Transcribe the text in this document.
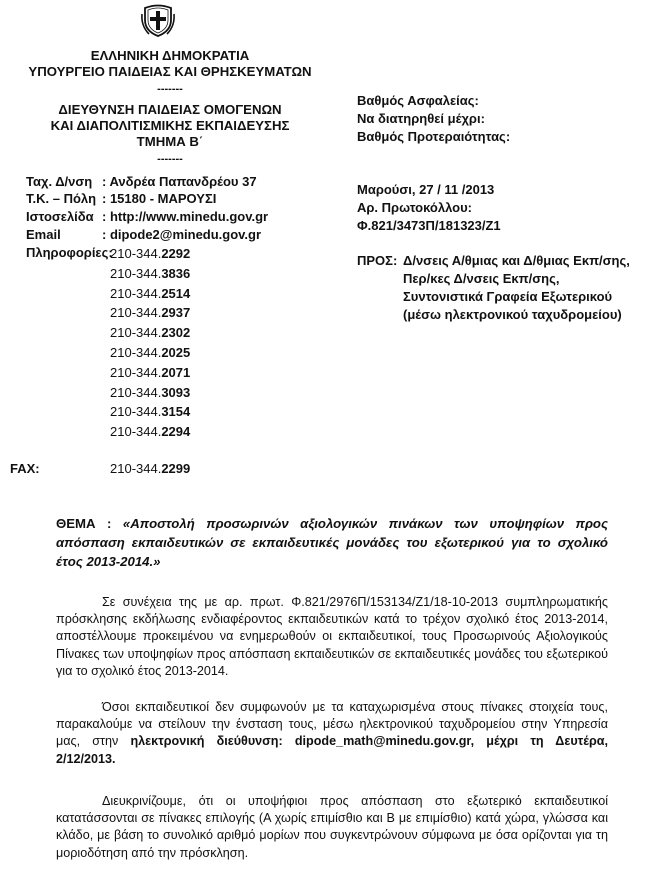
ΕΛΛΗΝΙΚΗ ΔΗΜΟΚΡΑΤΙΑ
ΥΠΟΥΡΓΕΙΟ ΠΑΙΔΕΙΑΣ ΚΑΙ ΘΡΗΣΚΕΥΜΑΤΩΝ
-------
ΔΙΕΥΘΥΝΣΗ ΠΑΙΔΕΙΑΣ ΟΜΟΓΕΝΩΝ
ΚΑΙ ΔΙΑΠΟΛΙΤΙΣΜΙΚΗΣ ΕΚΠΑΙΔΕΥΣΗΣ
ΤΜΗΜΑ Β΄
-------
Ταχ. Δ/νση : Ανδρέα Παπανδρέου 37
Τ.Κ. – Πόλη : 15180 - ΜΑΡΟΥΣΙ
Ιστοσελίδα : http://www.minedu.gov.gr
Email	: dipode2@minedu.gov.gr
Πληροφορίες:
210-344.2292
210-344.3836
210-344.2514
210-344.2937
210-344.2302
210-344.2025
210-344.2071
210-344.3093
210-344.3154
210-344.2294
FAX:	210-344.2299
Βαθμός Ασφαλείας:
Να διατηρηθεί μέχρι:
Βαθμός Προτεραιότητας:
Μαρούσι, 27 / 11 /2013
Αρ. Πρωτοκόλλου:
Φ.821/3473Π/181323/Ζ1
ΠΡΟΣ: Δ/νσεις Α/θμιας και Δ/θμιας Εκπ/σης,
Περ/κες Δ/νσεις Εκπ/σης,
Συντονιστικά Γραφεία Εξωτερικού
(μέσω ηλεκτρονικού ταχυδρομείου)
ΘΕΜΑ : «Αποστολή προσωρινών αξιολογικών πινάκων των υποψηφίων προς απόσπαση εκπαιδευτικών σε εκπαιδευτικές μονάδες του εξωτερικού για το σχολικό έτος 2013-2014.»
Σε συνέχεια της με αρ. πρωτ. Φ.821/2976Π/153134/Ζ1/18-10-2013 συμπληρωματικής πρόσκλησης εκδήλωσης ενδιαφέροντος εκπαιδευτικών κατά το τρέχον σχολικό έτος 2013-2014, αποστέλλουμε προκειμένου να ενημερωθούν οι εκπαιδευτικοί, τους Προσωρινούς Αξιολογικούς Πίνακες των υποψηφίων προς απόσπαση εκπαιδευτικών σε εκπαιδευτικές μονάδες του εξωτερικού για το σχολικό έτος 2013-2014.
Όσοι εκπαιδευτικοί δεν συμφωνούν με τα καταχωρισμένα στους πίνακες στοιχεία τους, παρακαλούμε να στείλουν την ένσταση τους, μέσω ηλεκτρονικού ταχυδρομείου στην Υπηρεσία μας, στην ηλεκτρονική διεύθυνση: dipode_math@minedu.gov.gr, μέχρι τη Δευτέρα, 2/12/2013.
Διευκρινίζουμε, ότι οι υποψήφιοι προς απόσπαση στο εξωτερικό εκπαιδευτικοί κατατάσσονται σε πίνακες επιλογής (Α χωρίς επιμίσθιο και Β με επιμίσθιο) κατά χώρα, γλώσσα και κλάδο, με βάση το συνολικό αριθμό μορίων που συγκεντρώνουν σύμφωνα με όσα ορίζονται για τη μοριοδότηση από την πρόσκληση.
